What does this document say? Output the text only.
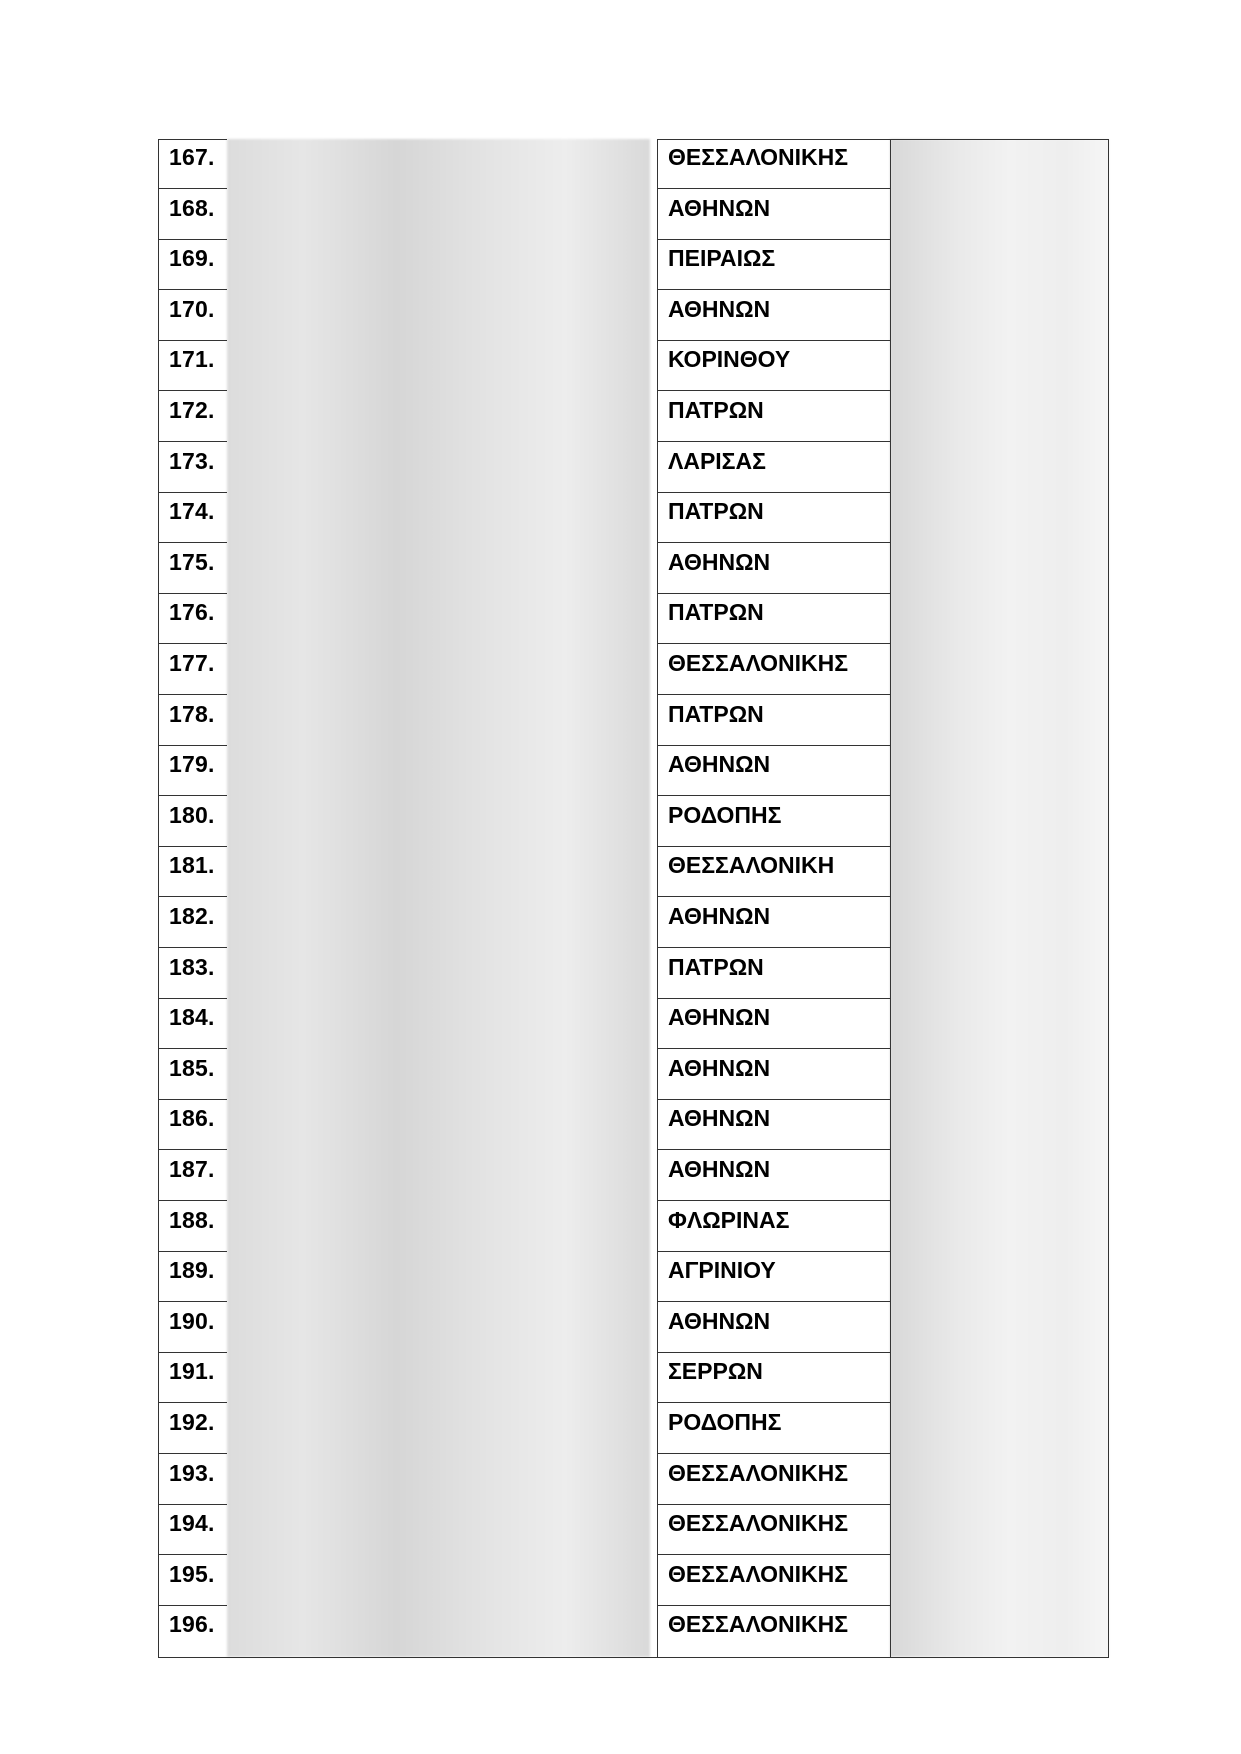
167.	ΘΕΣΣΑΛΟΝΙΚΗΣ
168.	ΑΘΗΝΩΝ
169.	ΠΕΙΡΑΙΩΣ
170.	ΑΘΗΝΩΝ
171.	ΚΟΡΙΝΘΟΥ
172.	ΠΑΤΡΩΝ
173.	ΛΑΡΙΣΑΣ
174.	ΠΑΤΡΩΝ
175.	ΑΘΗΝΩΝ
176.	ΠΑΤΡΩΝ
177.	ΘΕΣΣΑΛΟΝΙΚΗΣ
178.	ΠΑΤΡΩΝ
179.	ΑΘΗΝΩΝ
180.	ΡΟΔΟΠΗΣ
181.	ΘΕΣΣΑΛΟΝΙΚΗ
182.	ΑΘΗΝΩΝ
183.	ΠΑΤΡΩΝ
184.	ΑΘΗΝΩΝ
185.	ΑΘΗΝΩΝ
186.	ΑΘΗΝΩΝ
187.	ΑΘΗΝΩΝ
188.	ΦΛΩΡΙΝΑΣ
189.	ΑΓΡΙΝΙΟΥ
190.	ΑΘΗΝΩΝ
191.	ΣΕΡΡΩΝ
192.	ΡΟΔΟΠΗΣ
193.	ΘΕΣΣΑΛΟΝΙΚΗΣ
194.	ΘΕΣΣΑΛΟΝΙΚΗΣ
195.	ΘΕΣΣΑΛΟΝΙΚΗΣ
196.	ΘΕΣΣΑΛΟΝΙΚΗΣ
